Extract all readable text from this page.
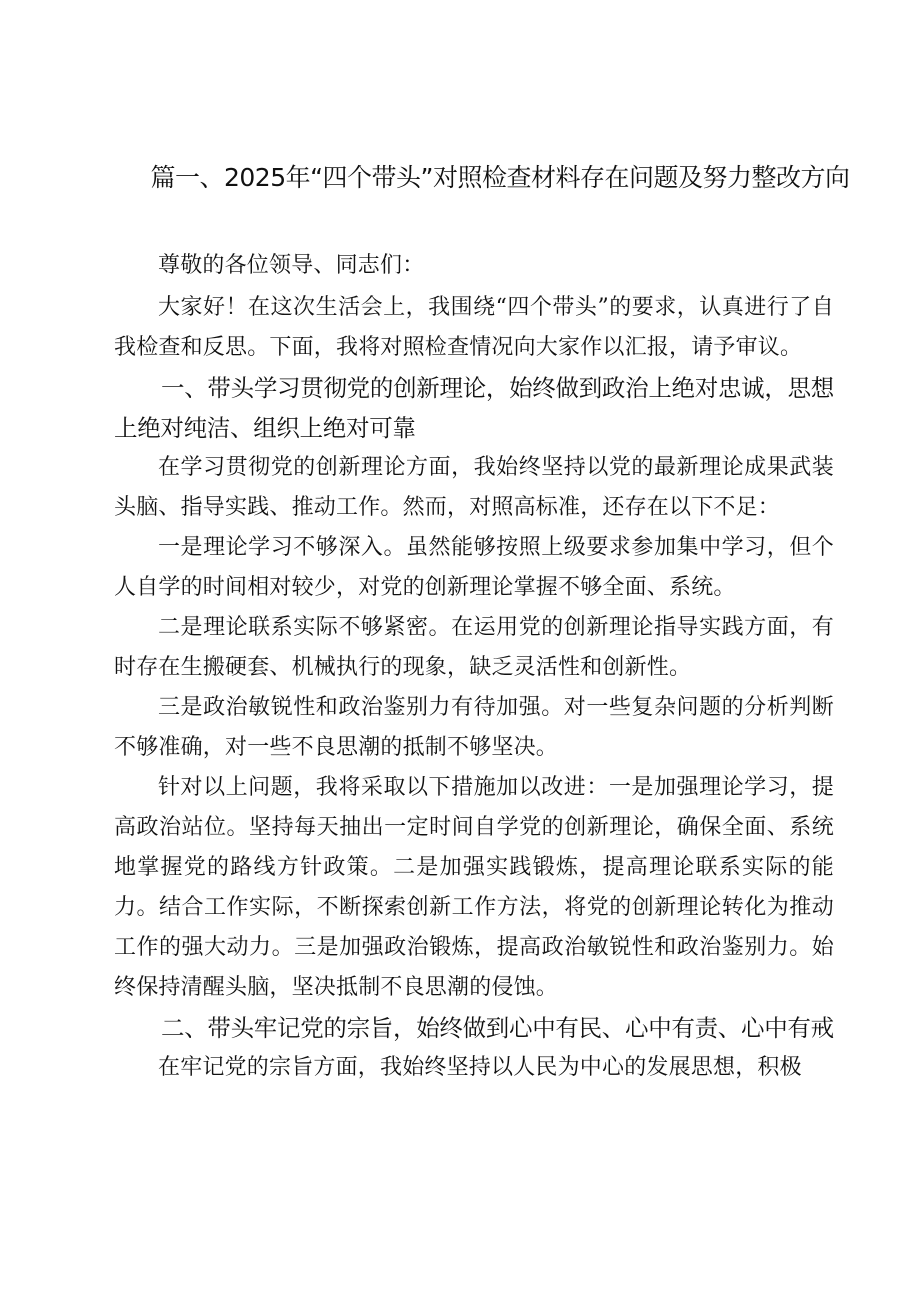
篇一、2025年“四个带头”对照检查材料存在问题及努力整改方向

尊敬的各位领导、同志们：

大家好！在这次生活会上，我围绕“四个带头”的要求，认真进行了自我检查和反思。下面，我将对照检查情况向大家作以汇报，请予审议。

一、带头学习贯彻党的创新理论，始终做到政治上绝对忠诚，思想上绝对纯洁、组织上绝对可靠

在学习贯彻党的创新理论方面，我始终坚持以党的最新理论成果武装头脑、指导实践、推动工作。然而，对照高标准，还存在以下不足：

一是理论学习不够深入。虽然能够按照上级要求参加集中学习，但个人自学的时间相对较少，对党的创新理论掌握不够全面、系统。

二是理论联系实际不够紧密。在运用党的创新理论指导实践方面，有时存在生搬硬套、机械执行的现象，缺乏灵活性和创新性。

三是政治敏锐性和政治鉴别力有待加强。对一些复杂问题的分析判断不够准确，对一些不良思潮的抵制不够坚决。

针对以上问题，我将采取以下措施加以改进：一是加强理论学习，提高政治站位。坚持每天抽出一定时间自学党的创新理论，确保全面、系统地掌握党的路线方针政策。二是加强实践锻炼，提高理论联系实际的能力。结合工作实际，不断探索创新工作方法，将党的创新理论转化为推动工作的强大动力。三是加强政治锻炼，提高政治敏锐性和政治鉴别力。始终保持清醒头脑，坚决抵制不良思潮的侵蚀。

二、带头牢记党的宗旨，始终做到心中有民、心中有责、心中有戒

在牢记党的宗旨方面，我始终坚持以人民为中心的发展思想，积极
